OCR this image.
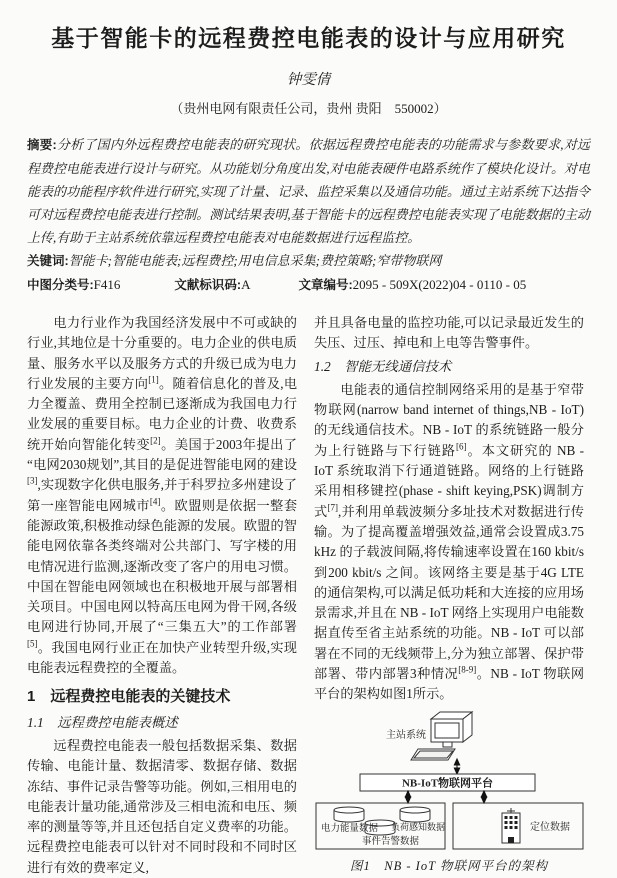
基于智能卡的远程费控电能表的设计与应用研究
钟雯倩
（贵州电网有限责任公司，贵州 贵阳　550002）

摘要:分析了国内外远程费控电能表的研究现状。依据远程费控电能表的功能需求与参数要求,对远程费控电能表进行设计与研究。从功能划分角度出发,对电能表硬件电路系统作了模块化设计。对电能表的功能程序软件进行研究,实现了计量、记录、监控采集以及通信功能。通过主站系统下达指令可对远程费控电能表进行控制。测试结果表明,基于智能卡的远程费控电能表实现了电能数据的主动上传,有助于主站系统依靠远程费控电能表对电能数据进行远程监控。

关键词:智能卡;智能电能表;远程费控;用电信息采集;费控策略;窄带物联网

中图分类号:F416	文献标识码:A	文章编号:2095 - 509X(2022)04 - 0110 - 05

电力行业作为我国经济发展中不可或缺的行业,其地位是十分重要的。电力企业的供电质量、服务水平以及服务方式的升级已成为电力行业发展的主要方向[1]。随着信息化的普及,电力全覆盖、费用全控制已逐渐成为我国电力行业发展的重要目标。电力企业的计费、收费系统开始向智能化转变[2]。美国于2003年提出了“电网2030规划”,其目的是促进智能电网的建设[3],实现数字化供电服务,并于科罗拉多州建设了第一座智能电网城市[4]。欧盟则是依据一整套能源政策,积极推动绿色能源的发展。欧盟的智能电网依靠各类终端对公共部门、写字楼的用电情况进行监测,逐渐改变了客户的用电习惯。中国在智能电网领域也在积极地开展与部署相关项目。中国电网以特高压电网为骨干网,各级电网进行协同,开展了“三集五大”的工作部署[5]。我国电网行业正在加快产业转型升级,实现电能表远程费控的全覆盖。

1　远程费控电能表的关键技术
1.1　远程费控电能表概述

远程费控电能表一般包括数据采集、数据传输、电能计量、数据清零、数据存储、数据冻结、事件记录告警等功能。例如,三相用电的电能表计量功能,通常涉及三相电流和电压、频率的测量等等,并且还包括自定义费率的功能。远程费控电能表可以针对不同时段和不同时区进行有效的费率定义,

并且具备电量的监控功能,可以记录最近发生的失压、过压、掉电和上电等告警事件。

1.2　智能无线通信技术

电能表的通信控制网络采用的是基于窄带物联网(narrow band internet of things,NB - IoT)的无线通信技术。NB - IoT 的系统链路一般分为上行链路与下行链路[6]。本文研究的 NB - IoT 系统取消下行通道链路。网络的上行链路采用相移键控(phase - shift keying,PSK)调制方式[7],并利用单载波频分多址技术对数据进行传输。为了提高覆盖增强效益,通常会设置成3.75 kHz 的子载波间隔,将传输速率设置在160 kbit/s 到200 kbit/s 之间。该网络主要是基于4G LTE 的通信架构,可以满足低功耗和大连接的应用场景需求,并且在 NB - IoT 网络上实现用户电能数据直传至省主站系统的功能。NB - IoT 可以部署在不同的无线频带上,分为独立部署、保护带部署、带内部署3种情况[8-9]。NB - IoT 物联网平台的架构如图1所示。

主站系统
NB-IoT物联网平台
电力能量数据 负荷感知数据
事件告警数据
定位数据
图1　NB - IoT 物联网平台的架构
